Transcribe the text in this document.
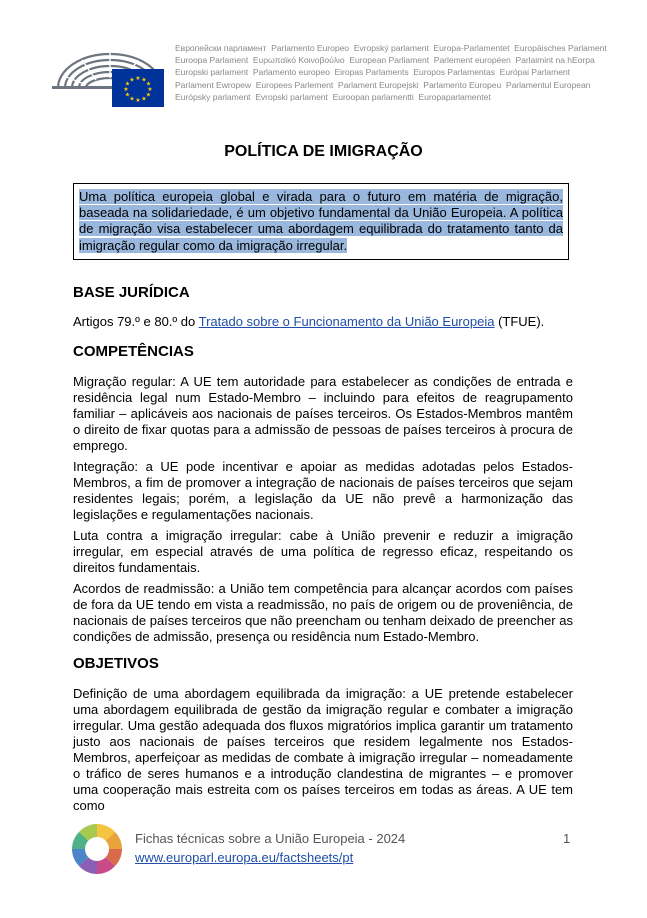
★ ★
★
★
★
★
★
★
★
★
★
★
Европейски парламент Parlamento Europeo Evropský parlament Europa-Parlamentet Europäisches Parlament
Euroopa Parlament Ευρωπαϊκό Κοινοβούλιο European Parliament Parlement européen Parlaimint na hEorpa
Europski parlament Parlamento europeo Eiropas Parlaments Europos Parlamentas Európai Parlament
Parlament Ewropew Europees Parlement Parlament Europejski Parlamento Europeu Parlamentul European
Európsky parlament Evropski parlament Euroopan parlamentti Europaparlamentet
POLÍTICA DE IMIGRAÇÃO
Uma política europeia global e virada para o futuro em matéria de migração, baseada na solidariedade, é um objetivo fundamental da União Europeia. A política de migração visa estabelecer uma abordagem equilibrada do tratamento tanto da imigração regular como da imigração irregular.
BASE JURÍDICA

Artigos 79.º e 80.º do Tratado sobre o Funcionamento da União Europeia (TFUE).

COMPETÊNCIAS

Migração regular: A UE tem autoridade para estabelecer as condições de entrada e residência legal num Estado-Membro – incluindo para efeitos de reagrupamento familiar – aplicáveis aos nacionais de países terceiros. Os Estados-Membros mantêm o direito de fixar quotas para a admissão de pessoas de países terceiros à procura de emprego.

Integração: a UE pode incentivar e apoiar as medidas adotadas pelos Estados-Membros, a fim de promover a integração de nacionais de países terceiros que sejam residentes legais; porém, a legislação da UE não prevê a harmonização das legislações e regulamentações nacionais.

Luta contra a imigração irregular: cabe à União prevenir e reduzir a imigração irregular, em especial através de uma política de regresso eficaz, respeitando os direitos fundamentais.

Acordos de readmissão: a União tem competência para alcançar acordos com países de fora da UE tendo em vista a readmissão, no país de origem ou de proveniência, de nacionais de países terceiros que não preencham ou tenham deixado de preencher as condições de admissão, presença ou residência num Estado-Membro.

OBJETIVOS

Definição de uma abordagem equilibrada da imigração: a UE pretende estabelecer uma abordagem equilibrada de gestão da imigração regular e combater a imigração irregular. Uma gestão adequada dos fluxos migratórios implica garantir um tratamento justo aos nacionais de países terceiros que residem legalmente nos Estados-Membros, aperfeiçoar as medidas de combate à imigração irregular – nomeadamente o tráfico de seres humanos e a introdução clandestina de migrantes – e promover uma cooperação mais estreita com os países terceiros em todas as áreas. A UE tem como

Fichas técnicas sobre a União Europeia - 2024
www.europarl.europa.eu/factsheets/pt
1
